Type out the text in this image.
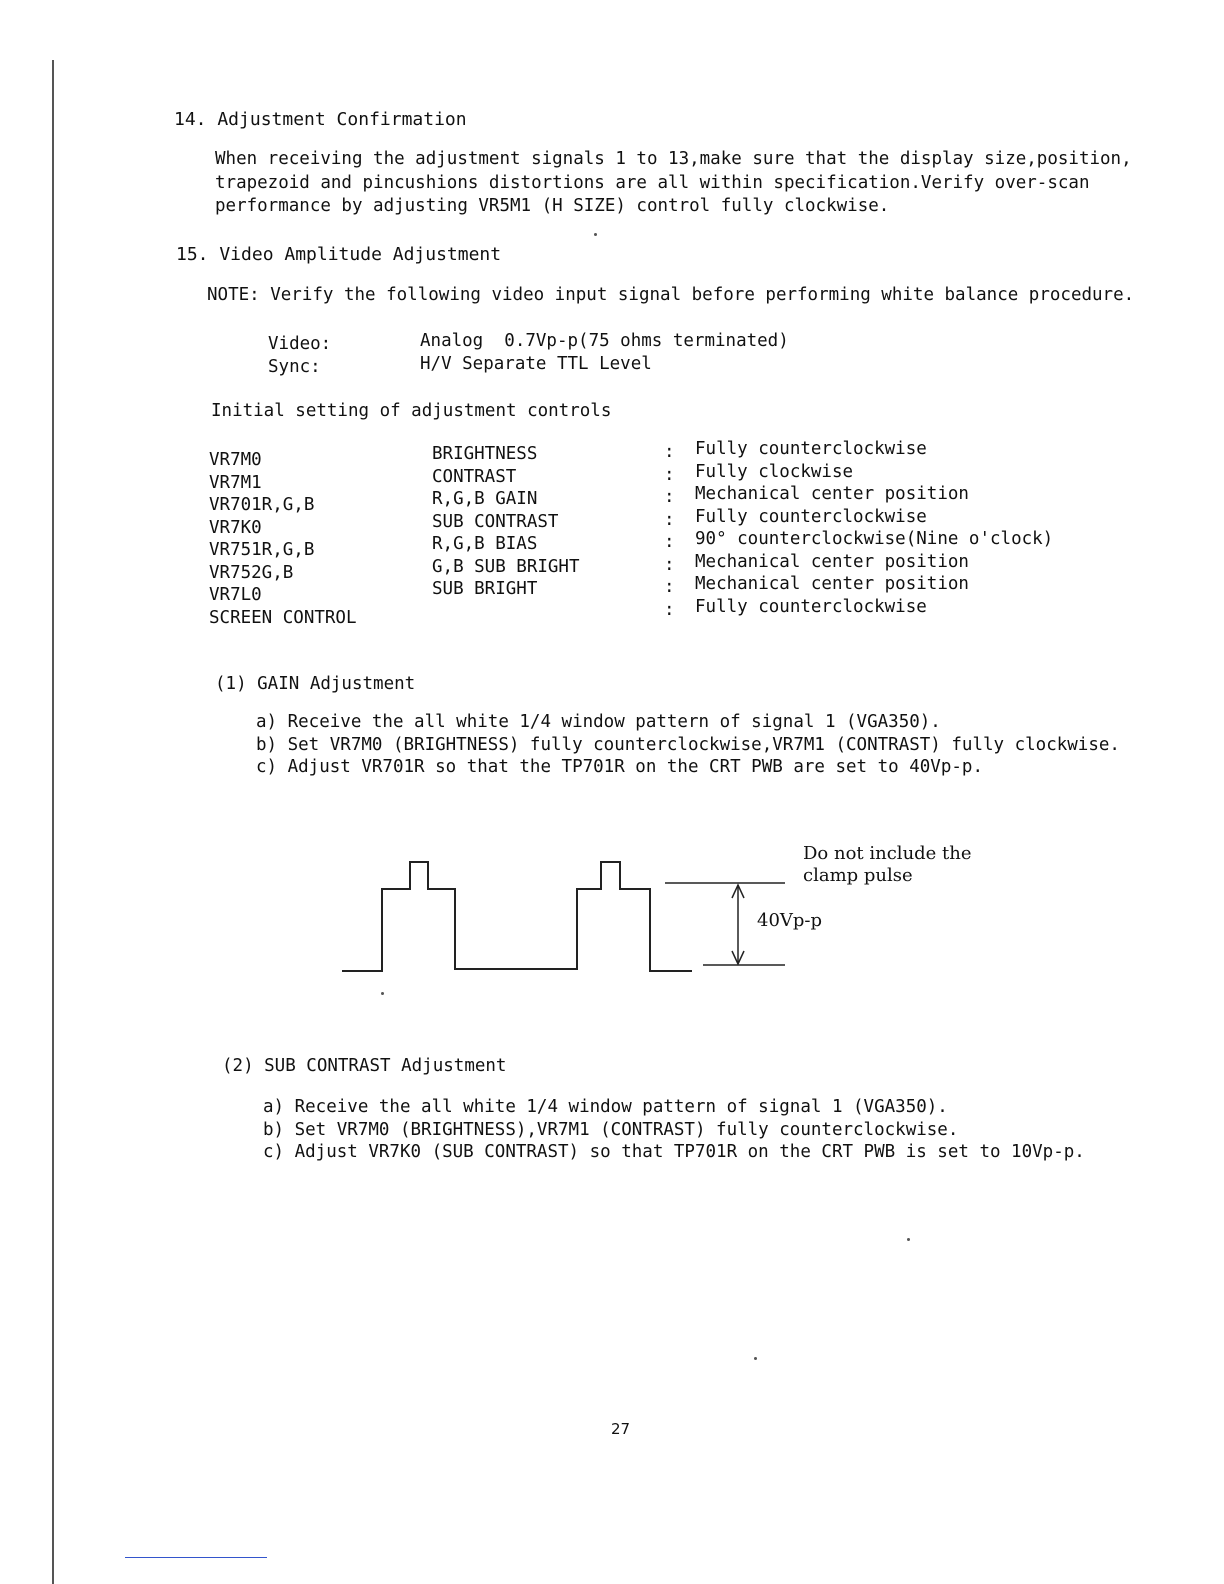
14. Adjustment Confirmation
When receiving the adjustment signals 1 to 13,make sure that the display size,position,
trapezoid and pincushions distortions are all within specification.Verify over-scan
performance by adjusting VR5M1 (H SIZE) control fully clockwise.
15. Video Amplitude Adjustment
NOTE: Verify the following video input signal before performing white balance procedure.
Video:
Sync:
Analog  0.7Vp-p(75 ohms terminated)
H/V Separate TTL Level
Initial setting of adjustment controls
VR7M0
VR7M1
VR701R,G,B
VR7K0
VR751R,G,B
VR752G,B
VR7L0
SCREEN CONTROL
BRIGHTNESS
CONTRAST
R,G,B GAIN
SUB CONTRAST
R,G,B BIAS
G,B SUB BRIGHT
SUB BRIGHT
:
:
:
:
:
:
:
:
Fully counterclockwise
Fully clockwise
Mechanical center position
Fully counterclockwise
90° counterclockwise(Nine o'clock)
Mechanical center position
Mechanical center position
Fully counterclockwise
(1) GAIN Adjustment
a) Receive the all white 1/4 window pattern of signal 1 (VGA350).
b) Set VR7M0 (BRIGHTNESS) fully counterclockwise,VR7M1 (CONTRAST) fully clockwise.
c) Adjust VR701R so that the TP701R on the CRT PWB are set to 40Vp-p.
Do not include the
clamp pulse
40Vp-p
(2) SUB CONTRAST Adjustment
a) Receive the all white 1/4 window pattern of signal 1 (VGA350).
b) Set VR7M0 (BRIGHTNESS),VR7M1 (CONTRAST) fully counterclockwise.
c) Adjust VR7K0 (SUB CONTRAST) so that TP701R on the CRT PWB is set to 10Vp-p.
27
